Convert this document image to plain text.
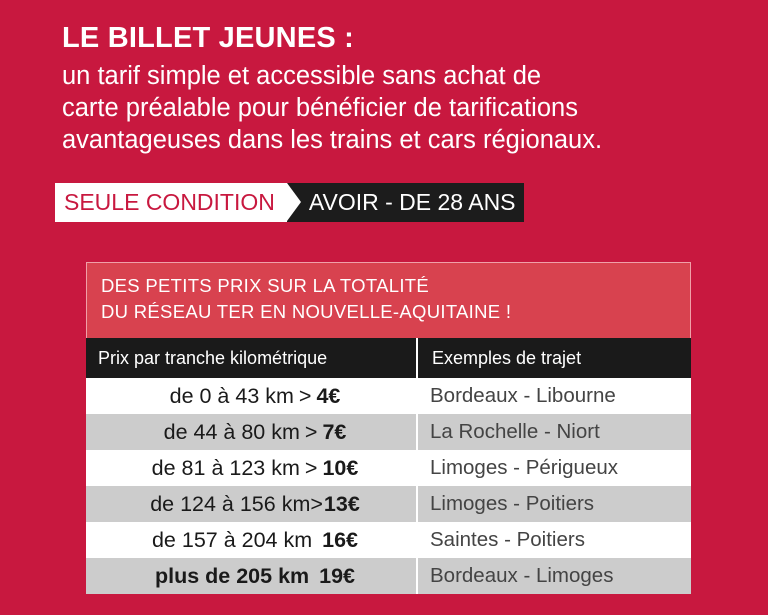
LE BILLET JEUNES :
un tarif simple et accessible sans achat de
carte préalable pour bénéficier de tarifications
avantageuses dans les trains et cars régionaux.
SEULE CONDITION	AVOIR - DE 28 ANS
DES PETITS PRIX SUR LA TOTALITÉ
DU RÉSEAU TER EN NOUVELLE-AQUITAINE !
Prix par tranche kilométrique	Exemples de trajet
de 0 à 43 km > 4€	Bordeaux - Libourne
de 44 à 80 km > 7€	La Rochelle - Niort
de 81 à 123 km > 10€	Limoges - Périgueux
de 124 à 156 km > 13€	Limoges - Poitiers
de 157 à 204 km 16€	Saintes - Poitiers
plus de 205 km 19€	Bordeaux - Limoges
